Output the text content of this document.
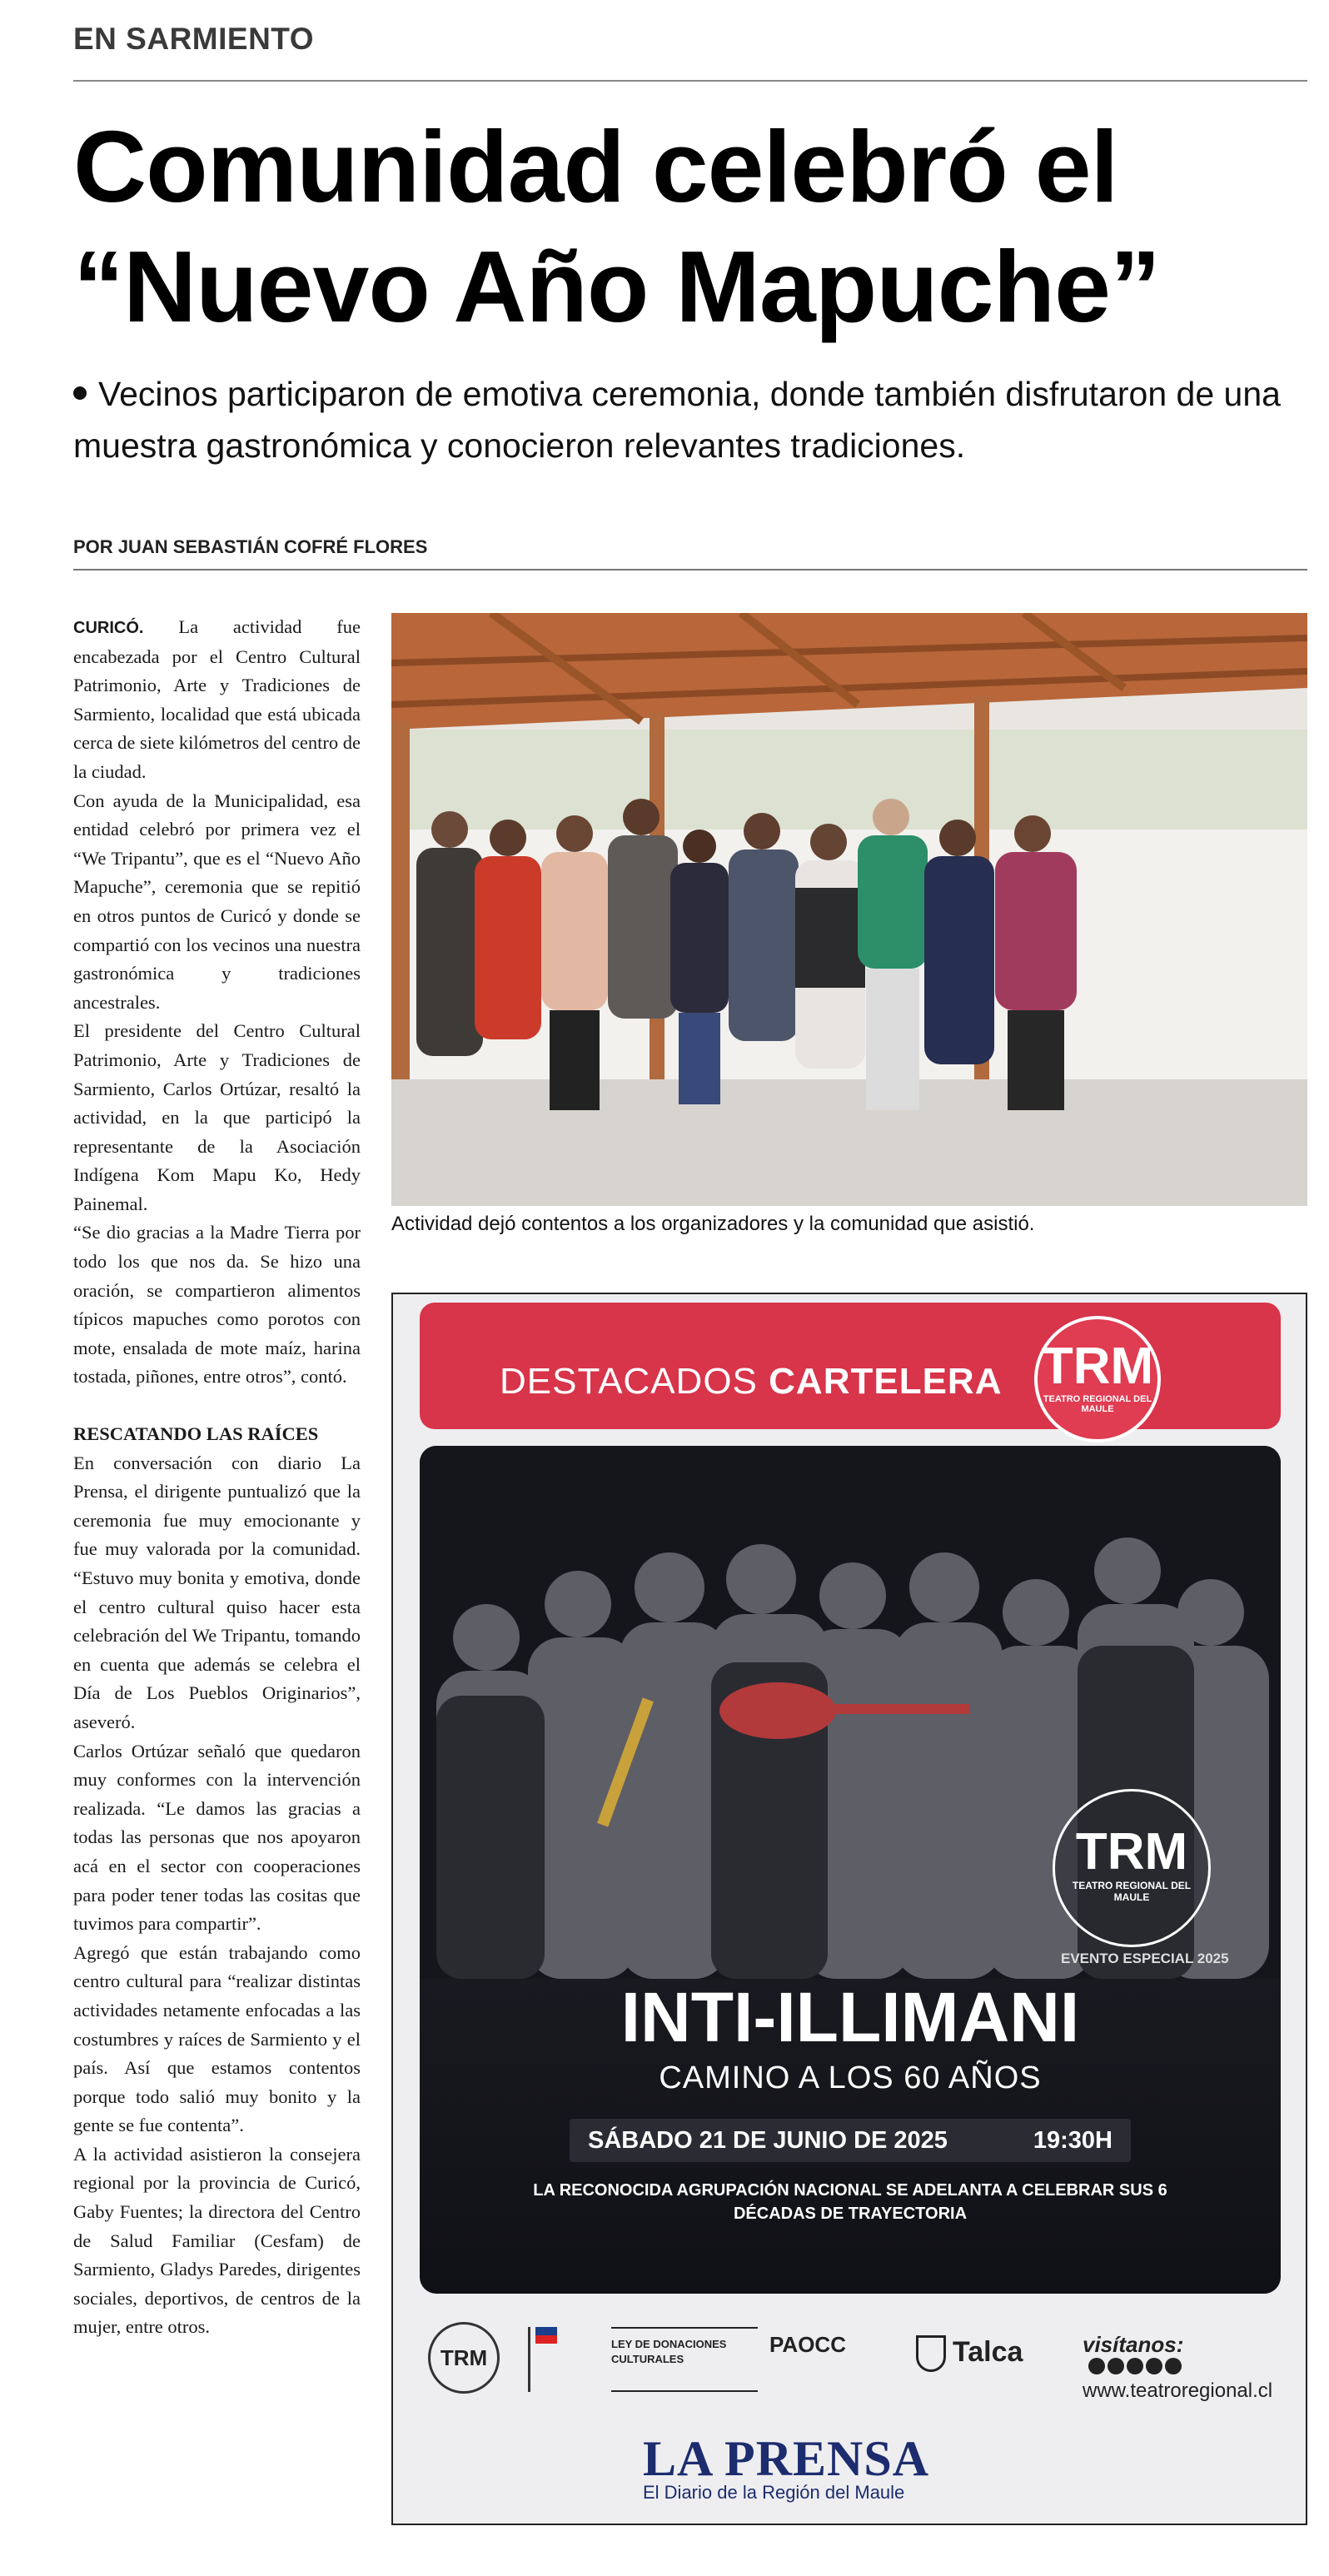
EN SARMIENTO
Comunidad celebró el
“Nuevo Año Mapuche”

Vecinos participaron de emotiva ceremonia, donde también disfrutaron de una muestra gastronómica y conocieron relevantes tradiciones.

POR JUAN SEBASTIÁN COFRÉ FLORES

CURICÓ. La actividad fue encabezada por el Centro Cultural Patrimonio, Arte y Tradiciones de Sarmiento, localidad que está ubicada cerca de siete kilómetros del centro de la ciudad.

Con ayuda de la Municipalidad, esa entidad celebró por primera vez el “We Tripantu”, que es el “Nuevo Año Mapuche”, ceremonia que se repitió en otros puntos de Curicó y donde se compartió con los vecinos una nuestra gastronómica y tradiciones ancestrales.

El presidente del Centro Cultural Patrimonio, Arte y Tradiciones de Sarmiento, Carlos Ortúzar, resaltó la actividad, en la que participó la representante de la Asociación Indígena Kom Mapu Ko, Hedy Painemal.

“Se dio gracias a la Madre Tierra por todo los que nos da. Se hizo una oración, se compartieron alimentos típicos mapuches como porotos con mote, ensalada de mote maíz, harina tostada, piñones, entre otros”, contó.

RESCATANDO LAS RAÍCES

En conversación con diario La Prensa, el dirigente puntualizó que la ceremonia fue muy emocionante y fue muy valorada por la comunidad. “Estuvo muy bonita y emotiva, donde el centro cultural quiso hacer esta celebración del We Tripantu, tomando en cuenta que además se celebra el Día de Los Pueblos Originarios”, aseveró.

Carlos Ortúzar señaló que quedaron muy conformes con la intervención realizada. “Le damos las gracias a todas las personas que nos apoyaron acá en el sector con cooperaciones para poder tener todas las cositas que tuvimos para compartir”.

Agregó que están trabajando como centro cultural para “realizar distintas actividades netamente enfocadas a las costumbres y raíces de Sarmiento y el país. Así que estamos contentos porque todo salió muy bonito y la gente se fue contenta”.

A la actividad asistieron la consejera regional por la provincia de Curicó, Gaby Fuentes; la directora del Centro de Salud Familiar (Cesfam) de Sarmiento, Gladys Paredes, dirigentes sociales, deportivos, de centros de la mujer, entre otros.

Actividad dejó contentos a los organizadores y la comunidad que asistió.
DESTACADOS CARTELERA TRM
TEATRO REGIONAL DEL MAULE
TRM
TEATRO REGIONAL DEL MAULE
EVENTO ESPECIAL 2025
INTI-ILLIMANI
CAMINO A LOS 60 AÑOS
SÁBADO 21 DE JUNIO DE 2025	19:30H
LA RECONOCIDA AGRUPACIÓN NACIONAL SE ADELANTA A CELEBRAR SUS 6 DÉCADAS DE TRAYECTORIA
TRM
LEY DE DONACIONES CULTURALES
PAOCC	Talca	visítanos:
www.teatroregional.cl
LA PRENSA
El Diario de la Región del Maule
